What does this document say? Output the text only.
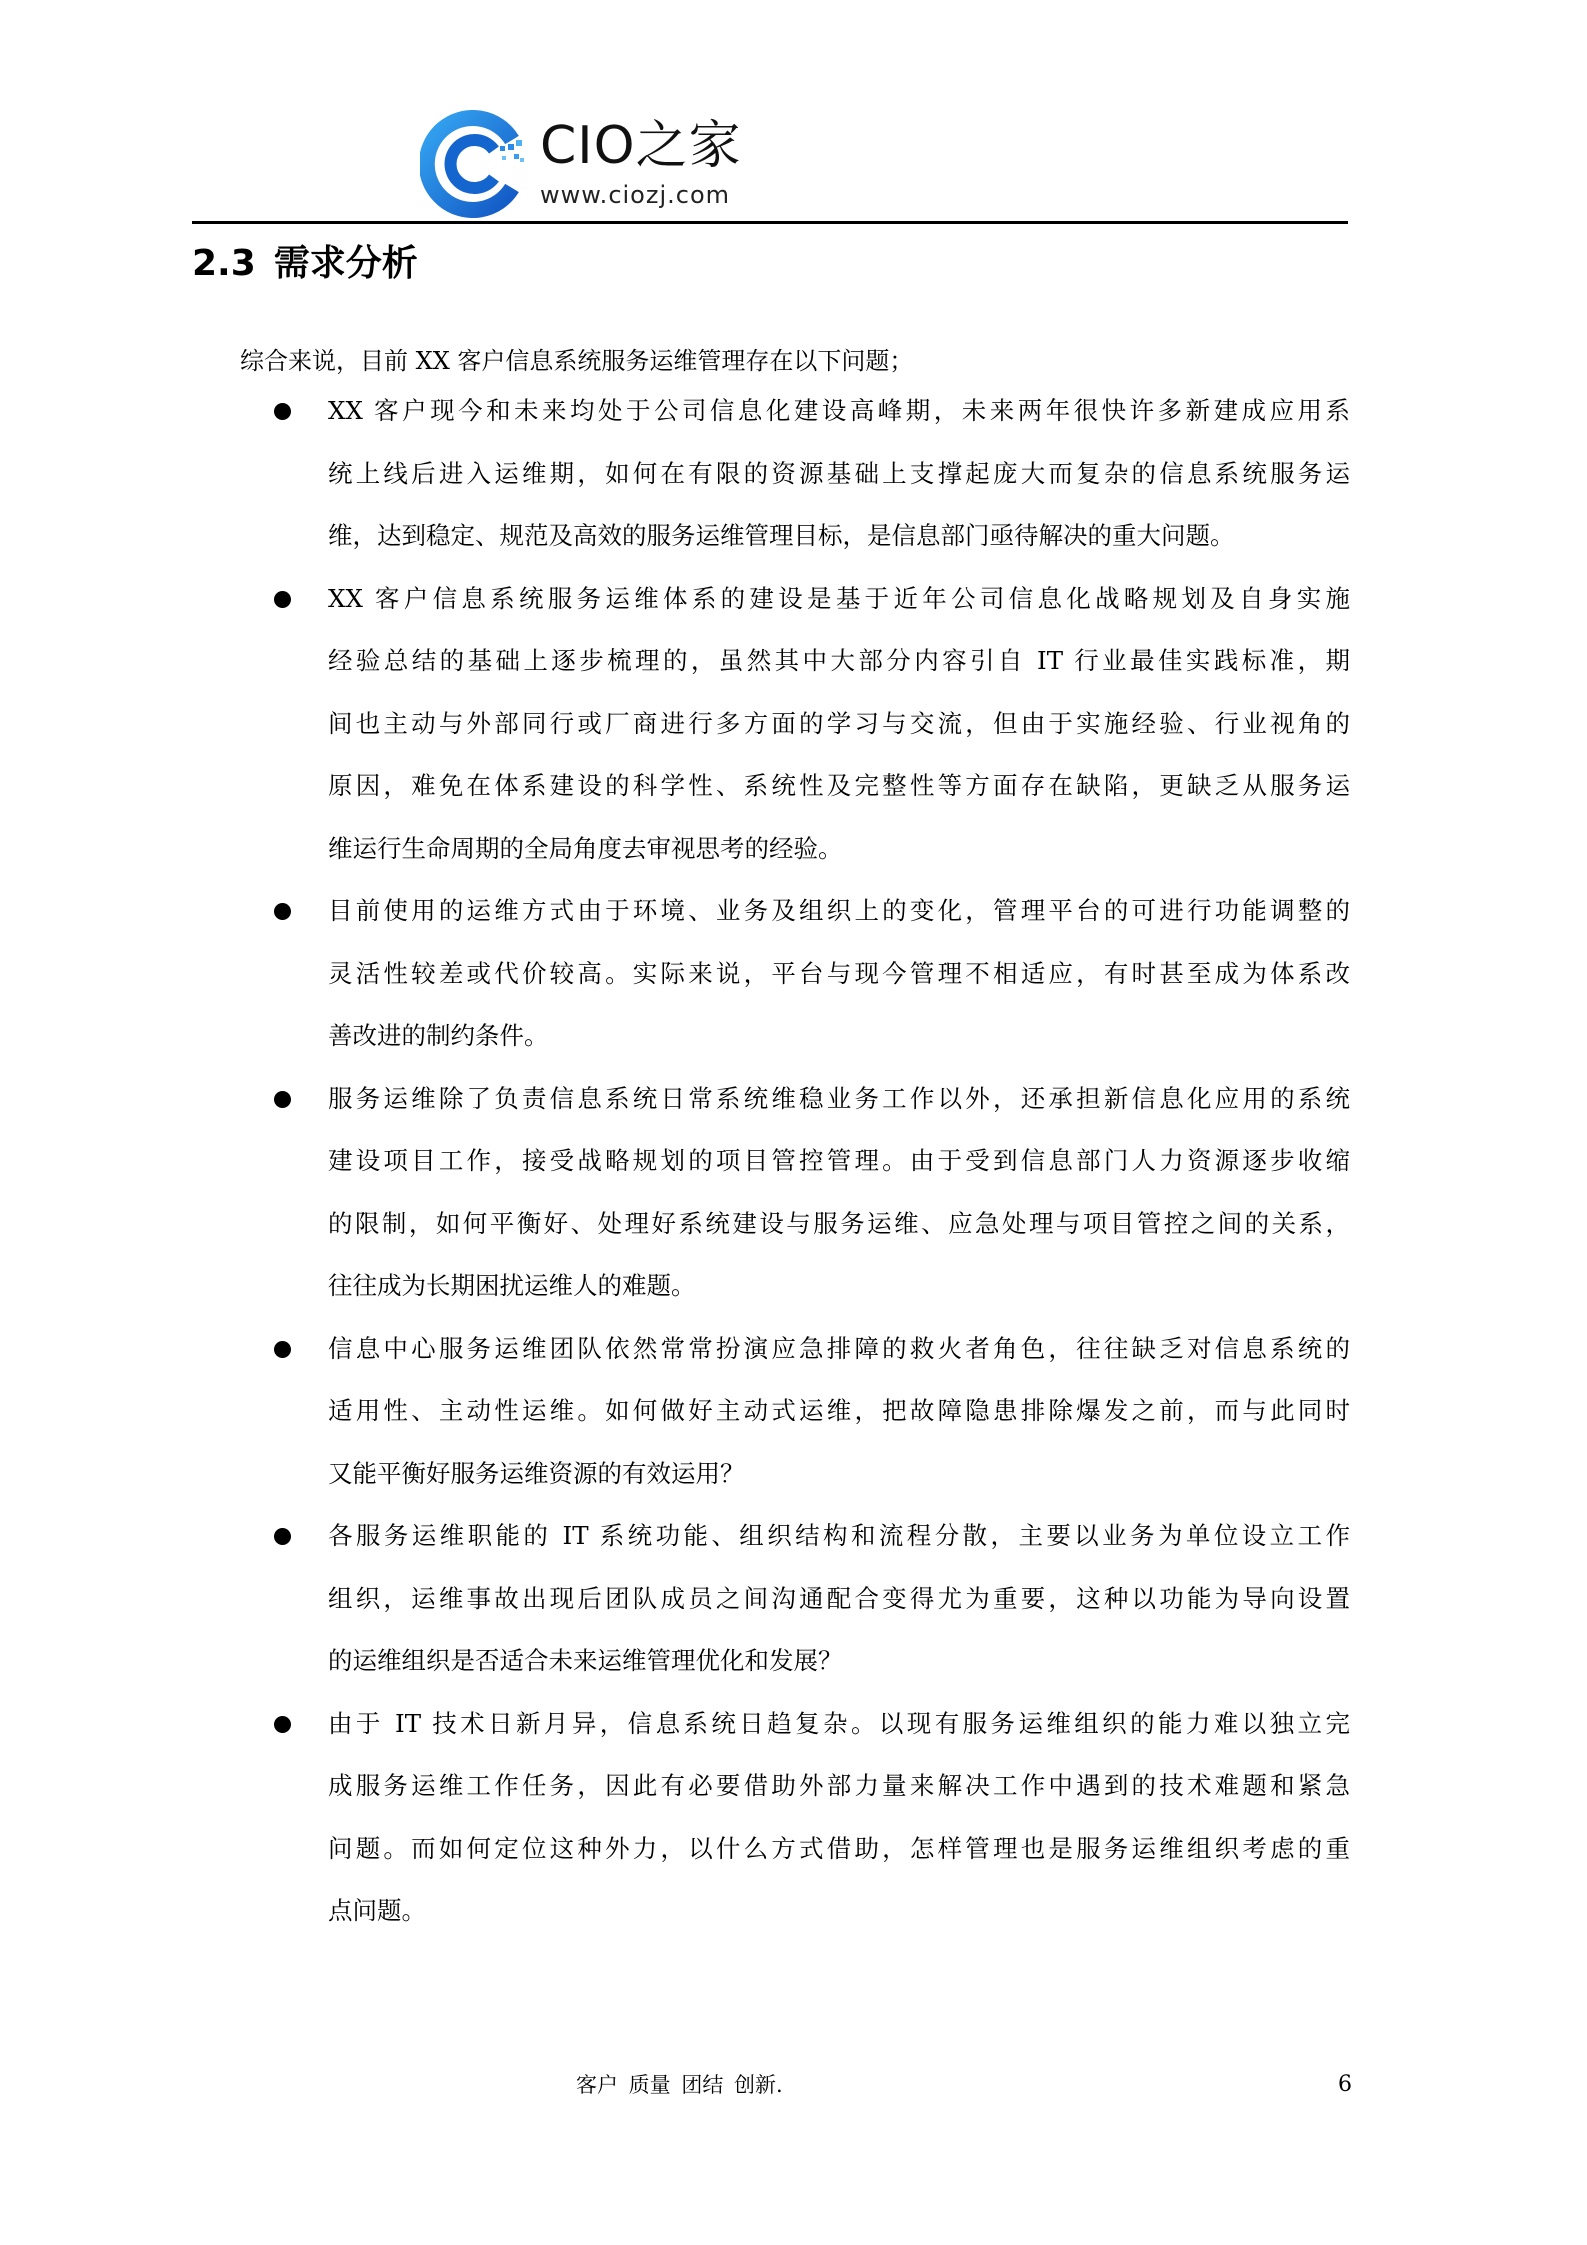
CIO之家
www.ciozj.com
2.3 需求分析
综合来说，目前 XX 客户信息系统服务运维管理存在以下问题；
XX 客户现今和未来均处于公司信息化建设高峰期，未来两年很快许多新建成应用系
统上线后进入运维期，如何在有限的资源基础上支撑起庞大而复杂的信息系统服务运
维，达到稳定、规范及高效的服务运维管理目标，是信息部门亟待解决的重大问题。
XX 客户信息系统服务运维体系的建设是基于近年公司信息化战略规划及自身实施
经验总结的基础上逐步梳理的，虽然其中大部分内容引自 IT 行业最佳实践标准，期
间也主动与外部同行或厂商进行多方面的学习与交流，但由于实施经验、行业视角的
原因，难免在体系建设的科学性、系统性及完整性等方面存在缺陷，更缺乏从服务运
维运行生命周期的全局角度去审视思考的经验。
目前使用的运维方式由于环境、业务及组织上的变化，管理平台的可进行功能调整的
灵活性较差或代价较高。实际来说，平台与现今管理不相适应，有时甚至成为体系改
善改进的制约条件。
服务运维除了负责信息系统日常系统维稳业务工作以外，还承担新信息化应用的系统
建设项目工作，接受战略规划的项目管控管理。由于受到信息部门人力资源逐步收缩
的限制，如何平衡好、处理好系统建设与服务运维、应急处理与项目管控之间的关系，
往往成为长期困扰运维人的难题。
信息中心服务运维团队依然常常扮演应急排障的救火者角色，往往缺乏对信息系统的
适用性、主动性运维。如何做好主动式运维，把故障隐患排除爆发之前，而与此同时
又能平衡好服务运维资源的有效运用？
各服务运维职能的 IT 系统功能、组织结构和流程分散，主要以业务为单位设立工作
组织，运维事故出现后团队成员之间沟通配合变得尤为重要，这种以功能为导向设置
的运维组织是否适合未来运维管理优化和发展？
由于 IT 技术日新月异，信息系统日趋复杂。以现有服务运维组织的能力难以独立完
成服务运维工作任务，因此有必要借助外部力量来解决工作中遇到的技术难题和紧急
问题。而如何定位这种外力，以什么方式借助，怎样管理也是服务运维组织考虑的重
点问题。
客户 质量 团结 创新.	6
